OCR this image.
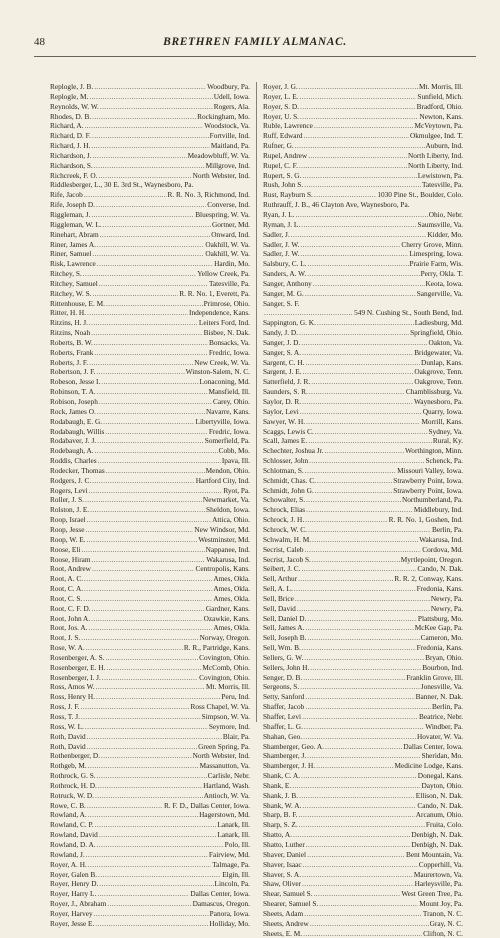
48	BRETHREN FAMILY ALMANAC.
Replogle, J. B. .....	Woodbury, Pa.
Replogle, M. .....	Udell, Iowa.
Reynolds, W. W. .....	Rogers, Ala.
Rhodes, D. B. .....	Rockingham, Mo.
Richard, A. .....	Woodstock, Va.
Richard, D. F. .....	Fortville, Ind.
Richard, J. H. .....	Maitland, Pa.
Richardson, J. .....	Meadowbluff, W. Va.
Richardson, S. .....	Millgrove, Ind.
Richcreek, F. O. .....	North Webster, Ind.
Riddlesberger, L., 30 E. 3rd St., Waynesboro, Pa.
Rife, Jacob .....	R. R. No. 3, Richmond, Ind.
Rife, Joseph D. .....	Converse, Ind.
Riggleman, J. .....	Bluespring, W. Va.
Riggleman, W. L. .....	Gortner, Md.
Rinehart, Abram .....	Onward, Ind.
Riner, James A. .....	Oakhill, W. Va.
Riner, Samuel .....	Oakhill, W. Va.
Risk, Lawrence .....	Hardin, Mo.
Ritchey, S. .....	Yellow Creek, Pa.
Ritchey, Samuel .....	Tatesville, Pa.
Ritchey, W. S. .....	R. R. No. 1, Everett, Pa.
Rittenhouse, E. M. .....	Primrose, Ohio.
Ritter, H. H. .....	Independence, Kans.
Ritzins, H. J. .....	Leiters Ford, Ind.
Ritzins, Noah .....	Bisbee, N. Dak.
Roberts, B. W. .....	Bonsacks, Va.
Roberts, Frank .....	Fredric, Iowa.
Roberts, J. F. .....	New Creek, W. Va.
Robertson, J. F. .....	Winston-Salem, N. C.
Robeson, Jesse I. .....	Lonaconing, Md.
Robinson, T. A. .....	Mansfield, Ill.
Robison, Joseph .....	Carey, Ohio.
Rock, James O. .....	Navarre, Kans.
Rodabaugh, E. G. .....	Libertyville, Iowa.
Rodabaugh, Willis .....	Fredric, Iowa.
Rodabaver, J. J. .....	Somerfield, Pa.
Rodebaugh, A. .....	Cobb, Mo.
Roddis, Charles .....	Ipava, Ill.
Rodecker, Thomas .....	Mendon, Ohio.
Rodgers, J. C. .....	Hartford City, Ind.
Rogers, Levi .....	Ryot, Pa.
Roller, J. S. .....	Newmarket, Va.
Rolston, J. E. .....	Sheldon, Iowa.
Roop, Israel .....	Attica, Ohio.
Roop, Jesse .....	New Windsor, Md.
Roop, W. E. .....	Westminster, Md.
Roose, Eli .....	Nappanee, Ind.
Roose, Hiram .....	Wakarusa, Ind.
Root, Andrew .....	Centropolis, Kans.
Root, A. C. .....	Ames, Okla.
Root, C. A. .....	Ames, Okla.
Root, C. S. .....	Ames, Okla.
Root, C. F. D. .....	Gardner, Kans.
Root, John A. .....	Ozawkie, Kans.
Root, Jos. A. .....	Ames, Okla.
Root, J. S. .....	Norway, Oregon.
Rose, W. A. .....	R. R., Partridge, Kans.
Rosenberger, A. S. .....	Covington, Ohio.
Rosenberger, E. H. .....	McComb, Ohio.
Rosenberger, I. J. .....	Covington, Ohio.
Ross, Amos W. .....	Mt. Morris, Ill.
Ross, Henry H. .....	Peru, Ind.
Ross, J. F. .....	Ross Chapel, W. Va.
Ross, T. J. .....	Simpson, W. Va.
Ross, W. L. .....	Seymore, Ind.
Roth, David .....	Blair, Pa.
Roth, David .....	Green Spring, Pa.
Rothenberger, D. .....	North Webster, Ind.
Rothgeb, M. .....	Massanutton, Va.
Rothrock, G. S. .....	Carlisle, Nebr.
Rothrock, H. D. .....	Hartland, Wash.
Rotruck, W. D. .....	Antioch, W. Va.
Rowe, C. B. .....	R. F. D., Dallas Center, Iowa.
Rowland, A. .....	Hagerstown, Md.
Rowland, C. P. .....	Lanark, Ill.
Rowland, David .....	Lanark, Ill.
Rowland, D. A. .....	Polo, Ill.
Rowland, J. .....	Fairview, Md.
Royer, A. H. .....	Talmage, Pa.
Royer, Galen B. .....	Elgin, Ill.
Royer, Henry D. .....	Lincoln, Pa.
Royer, Harry L. .....	Dallas Center, Iowa.
Royer, J., Abraham .....	Damascus, Oregon.
Royer, Harvey .....	Panora, Iowa.
Royer, Jesse E. .....	Holliday, Mo.
Royer, J. G. .....	Mt. Morris, Ill.
Royer, L. E. .....	Sunfield, Mich.
Royer, S. D. .....	Bradford, Ohio.
Royer, U. S. .....	Newton, Kans.
Ruble, Lawrence .....	McVeytown, Pa.
Ruff, Edward .....	Okmulgee, Ind. T.
Rufner, G. .....	Auburn, Ind.
Rupel, Andrew .....	North Liberty, Ind.
Rupel, C. F. .....	North Liberty, Ind.
Rupert, S. G. .....	Lewistown, Pa.
Rush, John S. .....	Tatesville, Pa.
Rust, Rayburn S. .....	1030 Pine St., Boulder, Colo.
Ruthrauff, J. B., 46 Clayton Ave, Waynesboro, Pa.
Ryan, J. L. .....	Ohio, Nebr.
Ryman, J. L. .....	Saumsville, Va.
Sadler, J. .....	Kidder, Mo.
Sadler, J. W. .....	Cherry Grove, Minn.
Sadler, J. W. .....	Limespring, Iowa.
Salsbury, C. L. .....	Prairie Farm, Wis.
Sanders, A. W. .....	Perry, Okla. T.
Sanger, Anthony .....	Keota, Iowa.
Sanger, M. G. .....	Sangerville, Va.
Sanger, S. F.
.....
549 N. Cushing St., South Bend, Ind.
Sappington, G. K. .....	Ladiesburg, Md.
Sandy, J. D. .....	Springfield, Ohio.
Sanger, J. D. .....	Oakton, Va.
Sanger, S. A. .....	Bridgewater, Va.
Sargent, C. H. .....	Dunlap, Kans.
Sargent, J. E. .....	Oakgrove, Tenn.
Satterfield, J. R. .....	Oakgrove, Tenn.
Saunders, S. R. .....	Chamblissburg, Va.
Saylor, D. R. .....	Waynesboro, Pa.
Saylor, Levi .....	Quarry, Iowa.
Sawyer, W. H. .....	Morrill, Kans.
Scaggs, Lewis C. .....	Sydney, Va.
Scall, James E. .....	Rural, Ky.
Schechter, Joshua Jr. .....	Worthington, Minn.
Schlosser, John .....	Schenck, Pa.
Schlotman, S. .....	Missouri Valley, Iowa.
Schmidt, Chas. C. .....	Strawberry Point, Iowa.
Schmidt, John G. .....	Strawberry Point, Iowa.
Schowalter, S. .....	Northumberland, Pa.
Schrock, Elias .....	Middlebury, Ind.
Schrock, J. H. .....	R. R. No. 1, Goshen, Ind.
Schrock, W. C. .....	Berlin, Pa.
Schwalm, H. M. .....	Wakarusa, Ind.
Secrist, Caleb .....	Cordova, Md.
Secrist, Jacob S. .....	Myrtlepoint, Oregon.
Seibert, J. C. .....	Cando, N. Dak.
Sell, Arthur .....	R. R. 2, Conway, Kans.
Sell, A. L. .....	Fredonia, Kans.
Sell, Brice .....	Newry, Pa.
Sell, David .....	Newry, Pa.
Sell, Daniel D. .....	Plattsburg, Mo.
Sell, James A. .....	McKee Gap, Pa.
Sell, Joseph B. .....	Cameron, Mo.
Sell, Wm. B. .....	Fredonia, Kans.
Sellers, G. W. .....	Bryan, Ohio.
Sellers, John H. .....	Bourbon, Ind.
Senger, D. B. .....	Franklin Grove, Ill.
Sergeons, S. .....	Jonesville, Va.
Setty, Sanford .....	Banner, N. Dak.
Shaffer, Jacob .....	Berlin, Pa.
Shaffer, Levi .....	Beatrice, Nebr.
Shaffer, L. G. .....	Windber, Pa.
Shahan, Geo. .....	Hovater, W. Va.
Shamberger, Geo. A. .....	Dallas Center, Iowa.
Shamberger, J. .....	Sheridan, Mo.
Shamberger, J. H. .....	Medicine Lodge, Kans.
Shank, C. A. .....	Donegal, Kans.
Shank, E. .....	Dayton, Ohio.
Shank, J. B. .....	Ellison, N. Dak.
Shank, W. A. .....	Cando, N. Dak.
Sharp, B. F. .....	Arcanum, Ohio.
Sharp, S. Z. .....	Fruita, Colo.
Shatto, A. .....	Denbigh, N. Dak.
Shatto, Luther .....	Denbigh, N. Dak.
Shaver, Daniel .....	Bent Mountain, Va.
Shaver, Isaac .....	Copperhill, Va.
Shaver, S. A. .....	Maurertown, Va.
Shaw, Oliver .....	Harleysville, Pa.
Shear, Samuel S. .....	West Green Tree, Pa.
Shearer, Samuel S. .....	Mount Joy, Pa.
Sheets, Adam .....	Tranon, N. C.
Sheets, Andrew .....	Gray, N. C.
Sheets, E. M. .....	Clifton, N. C.
